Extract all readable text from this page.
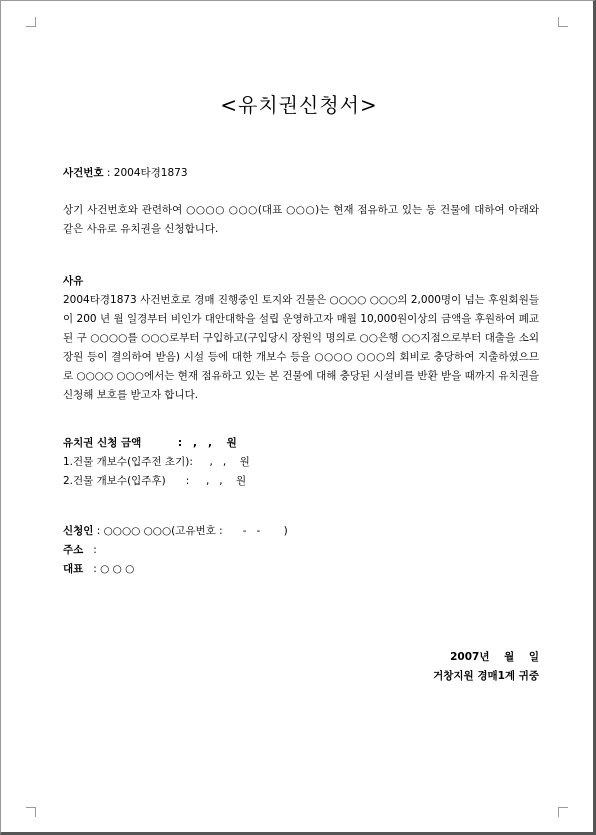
<유치권신청서>
사건번호 : 2004타경1873
상기 사건번호와 관련하여 ○○○○ ○○○(대표 ○○○)는 현재 점유하고 있는 동 건물에 대하여 아래와 같은 사유로 유치권을 신청합니다.
사유
2004타경1873 사건번호로 경매 진행중인 토지와 건물은 ○○○○ ○○○의 2,000명이 넘는 후원회원들이 200 년 월 일경부터 비인가 대안대학을 설립 운영하고자 매월 10,000원이상의 금액을 후원하여 폐교된 구 ○○○○를 ○○○로부터 구입하고(구입당시 장원익 명의로 ○○은행 ○○지점으로부터 대출을 소외 장원 등이 결의하여 받음) 시설 등에 대한 개보수 등을 ○○○○ ○○○의 회비로 충당하여 지출하였으므로 ○○○○ ○○○에서는 현재 점유하고 있는 본 건물에 대해 충당된 시설비를 반환 받을 때까지 유치권을 신청해 보호를 받고자 합니다.
유치권 신청 금액          :   ,   ,    원
1.건물 개보수(입주전 초기):     ,   ,    원
2.건물 개보수(입주후)      :     ,   ,    원
신청인 : ○○○○ ○○○(고유번호 :      -   -       )
주소   :
대표   : ○ ○ ○
2007년    월    일
거창지원 경매1계 귀중
